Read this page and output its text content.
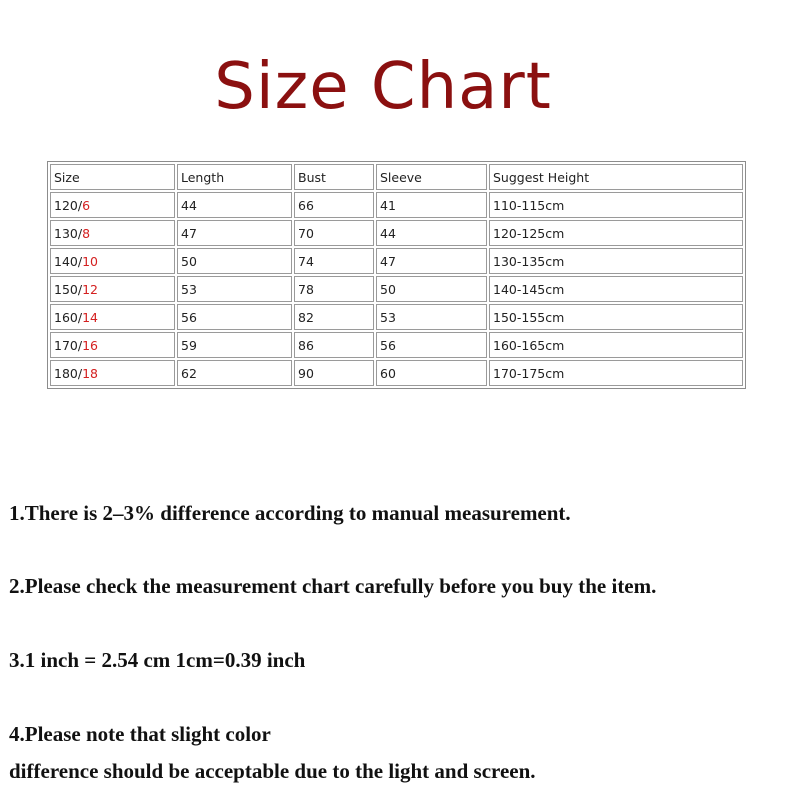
Size Chart
Size	Length	Bust	Sleeve	Suggest Height
120/6	44	66	41	110-115cm
130/8	47	70	44	120-125cm
140/10	50	74	47	130-135cm
150/12	53	78	50	140-145cm
160/14	56	82	53	150-155cm
170/16	59	86	56	160-165cm
180/18	62	90	60	170-175cm
1.There is 2–3% difference according to manual measurement.
2.Please check the measurement chart carefully before you buy the item.
3.1 inch = 2.54 cm 1cm=0.39 inch
4.Please note that slight color
difference should be acceptable due to the light and screen.
